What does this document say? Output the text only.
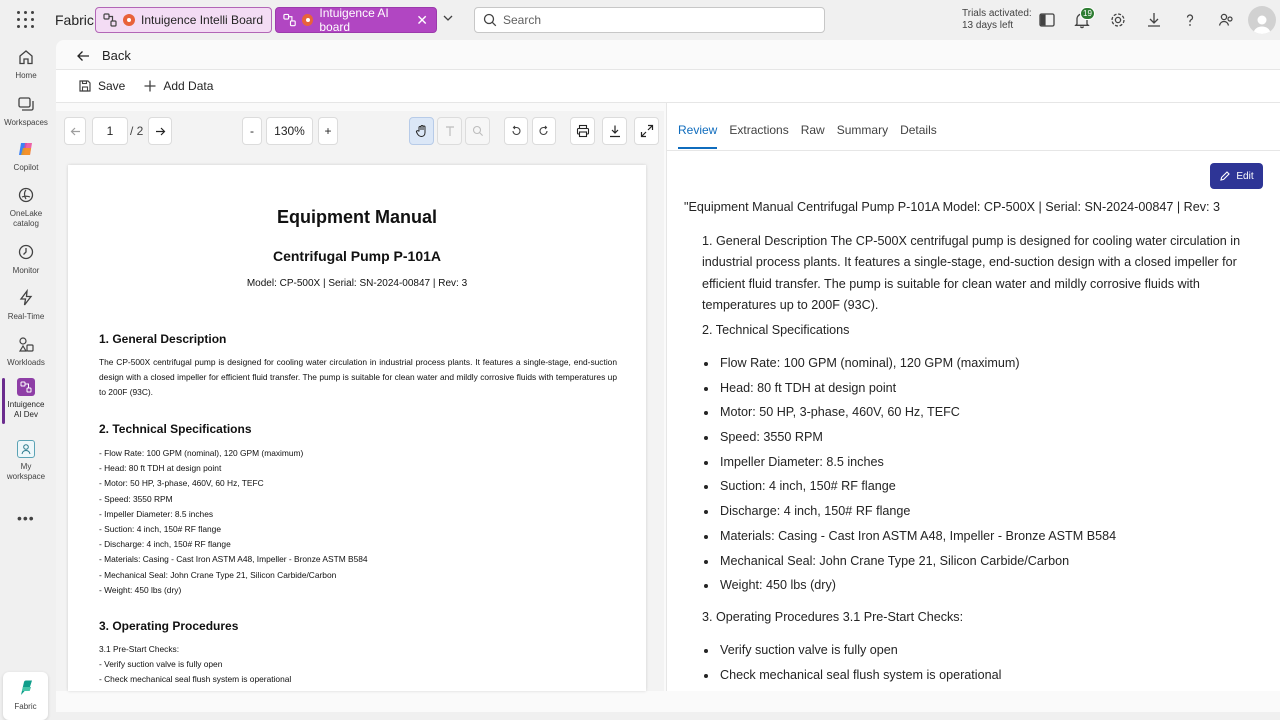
Fabric	Intuigence Intelli Board	Intuigence AI board	✕
Search	Trials activated:
13 days left
19
Home
Workspaces
Copilot
OneLake catalog
Monitor
Real-Time
Workloads
Intuigence AI Dev
My workspace
•••
Fabric
Back
Save	Add Data
1
/ 2	-	130%	+
Equipment Manual
Centrifugal Pump P-101A
Model: CP-500X | Serial: SN-2024-00847 | Rev: 3
1. General Description
The CP-500X centrifugal pump is designed for cooling water circulation in industrial process plants. It features a single-stage, end-suction design with a closed impeller for efficient fluid transfer. The pump is suitable for clean water and mildly corrosive fluids with temperatures up to 200F (93C).
2. Technical Specifications
- Flow Rate: 100 GPM (nominal), 120 GPM (maximum)
- Head: 80 ft TDH at design point
- Motor: 50 HP, 3-phase, 460V, 60 Hz, TEFC
- Speed: 3550 RPM
- Impeller Diameter: 8.5 inches
- Suction: 4 inch, 150# RF flange
- Discharge: 4 inch, 150# RF flange
- Materials: Casing - Cast Iron ASTM A48, Impeller - Bronze ASTM B584
- Mechanical Seal: John Crane Type 21, Silicon Carbide/Carbon
- Weight: 450 lbs (dry)
3. Operating Procedures
3.1 Pre-Start Checks:
- Verify suction valve is fully open
- Check mechanical seal flush system is operational
Review Extractions Raw Summary Details
Edit

"Equipment Manual Centrifugal Pump P-101A Model: CP-500X | Serial: SN-2024-00847 | Rev: 3

1. General Description The CP-500X centrifugal pump is designed for cooling water circulation in industrial process plants. It features a single-stage, end-suction design with a closed impeller for efficient fluid transfer. The pump is suitable for clean water and mildly corrosive fluids with temperatures up to 200F (93C).

2. Technical Specifications

• Flow Rate: 100 GPM (nominal), 120 GPM (maximum)
• Head: 80 ft TDH at design point
• Motor: 50 HP, 3-phase, 460V, 60 Hz, TEFC
• Speed: 3550 RPM
• Impeller Diameter: 8.5 inches
• Suction: 4 inch, 150# RF flange
• Discharge: 4 inch, 150# RF flange
• Materials: Casing - Cast Iron ASTM A48, Impeller - Bronze ASTM B584
• Mechanical Seal: John Crane Type 21, Silicon Carbide/Carbon
• Weight: 450 lbs (dry)

3. Operating Procedures 3.1 Pre-Start Checks:

• Verify suction valve is fully open
• Check mechanical seal flush system is operational
